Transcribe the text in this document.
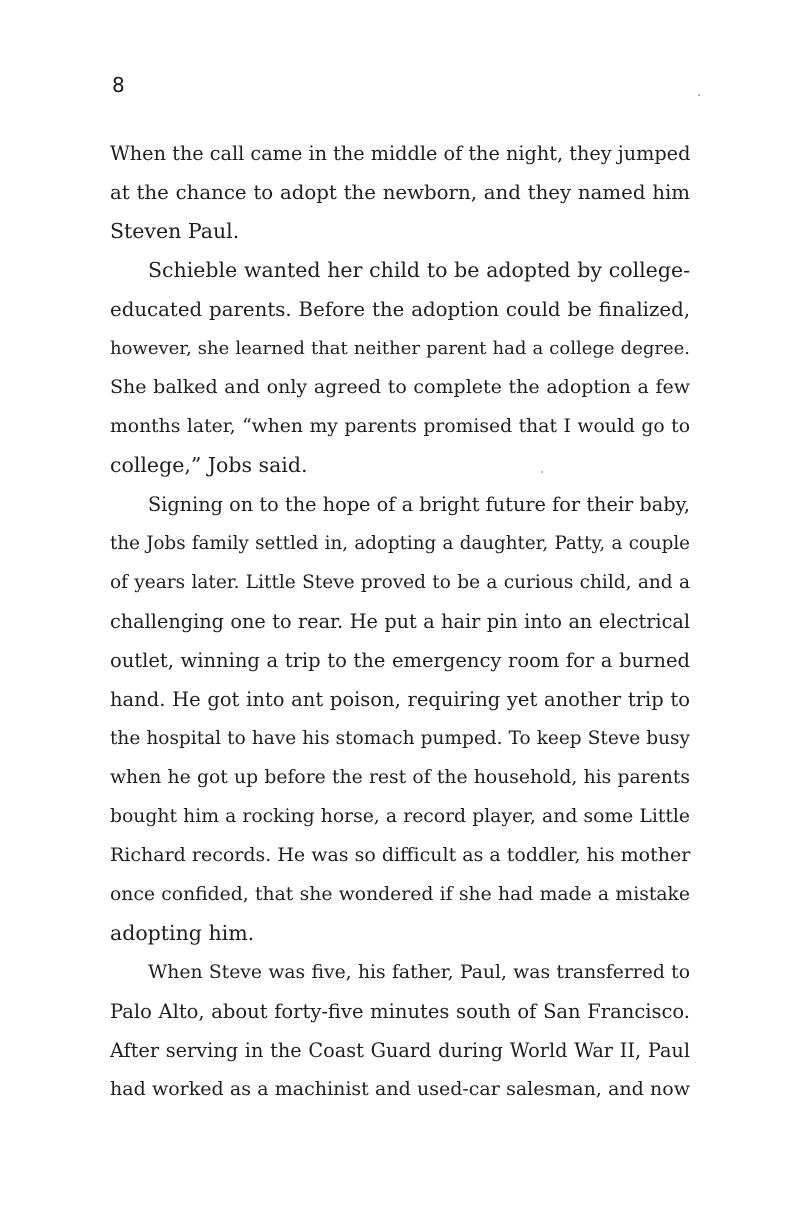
8
When the call came in the middle of the night, they jumped
at the chance to adopt the newborn, and they named him
Steven Paul.
Schieble wanted her child to be adopted by college-
educated parents. Before the adoption could be finalized,
however, she learned that neither parent had a college degree.
She balked and only agreed to complete the adoption a few
months later, “when my parents promised that I would go to
college,” Jobs said.
Signing on to the hope of a bright future for their baby,
the Jobs family settled in, adopting a daughter, Patty, a couple
of years later. Little Steve proved to be a curious child, and a
challenging one to rear. He put a hair pin into an electrical
outlet, winning a trip to the emergency room for a burned
hand. He got into ant poison, requiring yet another trip to
the hospital to have his stomach pumped. To keep Steve busy
when he got up before the rest of the household, his parents
bought him a rocking horse, a record player, and some Little
Richard records. He was so difficult as a toddler, his mother
once confided, that she wondered if she had made a mistake
adopting him.
When Steve was five, his father, Paul, was transferred to
Palo Alto, about forty-five minutes south of San Francisco.
After serving in the Coast Guard during World War II, Paul
had worked as a machinist and used-car salesman, and now
